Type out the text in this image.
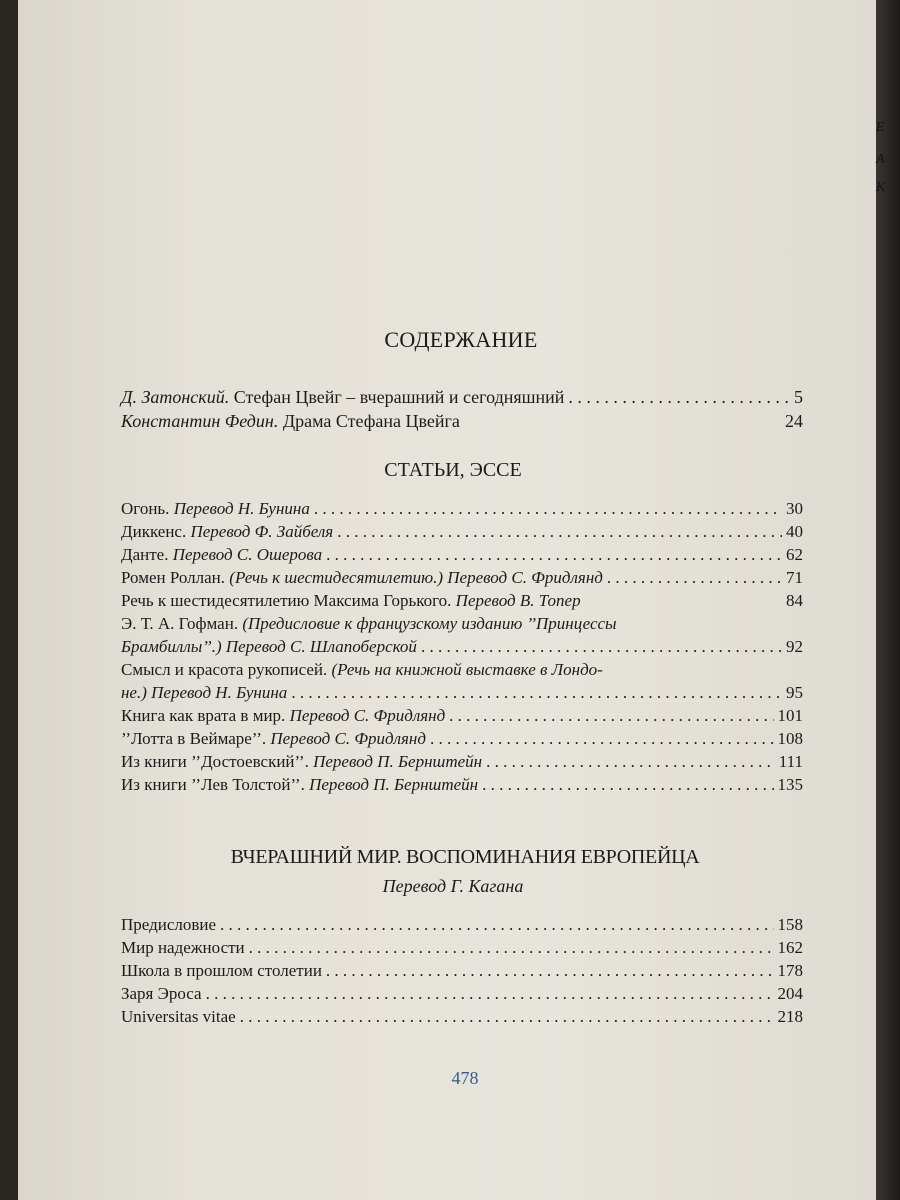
СОДЕРЖАНИЕ
Д. Затонский. Стефан Цвейг – вчерашний и сегодняшний . . .	5
Константин Федин. Драма Стефана Цвейга	24
СТАТЬИ, ЭССЕ
Огонь. Перевод Н. Бунина . . .	30
Диккенс. Перевод Ф. Зайбеля . . .	40
Данте. Перевод С. Ошерова . . .	62
Ромен Роллан. (Речь к шестидесятилетию.) Перевод С. Фридлянд . . .	71
Речь к шестидесятилетию Максима Горького. Перевод В. Топер	84
Э. Т. А. Гофман. (Предисловие к французскому изданию ’’Принцессы
Брамбиллы’’.) Перевод С. Шлапоберской . . .	92
Смысл и красота рукописей. (Речь на книжной выставке в Лондо-
не.) Перевод Н. Бунина . . .	95
Книга как врата в мир. Перевод С. Фридлянд . . .	101
’’Лотта в Веймаре’’. Перевод С. Фридлянд . . .	108
Из книги ’’Достоевский’’. Перевод П. Бернштейн . . .	111
Из книги ’’Лев Толстой’’. Перевод П. Бернштейн . . .	135
ВЧЕРАШНИЙ МИР. ВОСПОМИНАНИЯ ЕВРОПЕЙЦА
Перевод Г. Кагана
Предисловие . . .	158
Мир надежности . . .	162
Школа в прошлом столетии . . .	178
Заря Эроса . . .	204
Universitas vitae . . .	218
478
Е
А
К
